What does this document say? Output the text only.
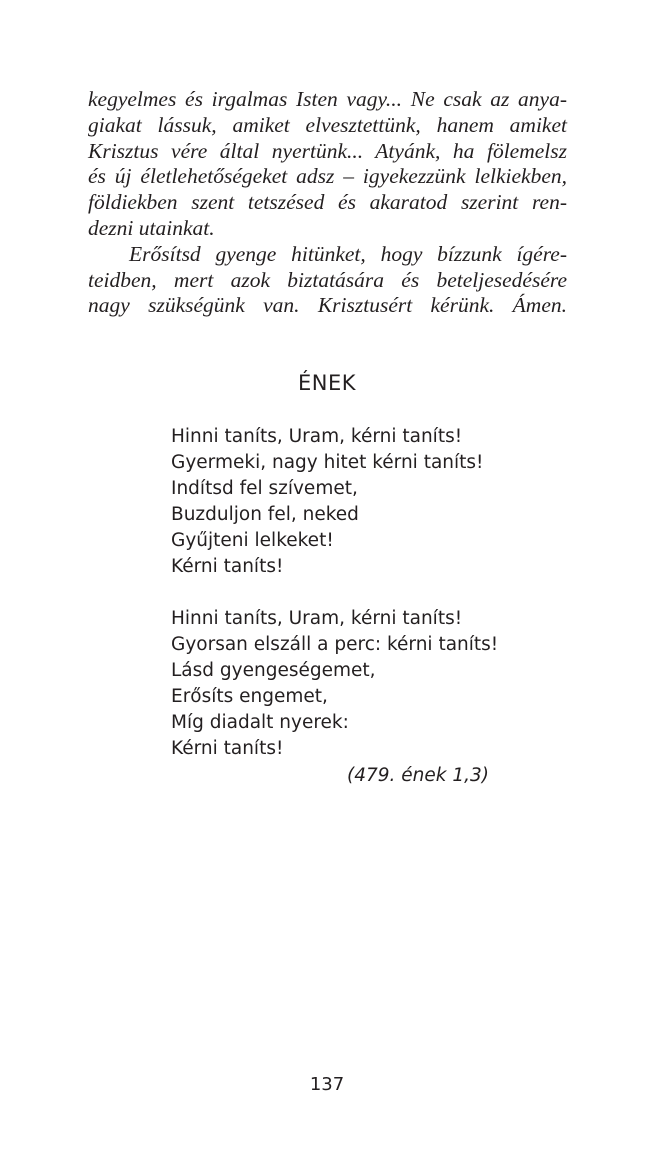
kegyelmes és irgalmas Isten vagy... Ne csak az anya-
giakat lássuk, amiket elvesztettünk, hanem amiket
Krisztus vére által nyertünk... Atyánk, ha fölemelsz
és új életlehetőségeket adsz – igyekezzünk lelkiekben,
földiekben szent tetszésed és akaratod szerint ren-
dezni utainkat.
Erősítsd gyenge hitünket, hogy bízzunk ígére-
teidben, mert azok biztatására és beteljesedésére
nagy szükségünk van. Krisztusért kérünk. Ámen.
ÉNEK
Hinni taníts, Uram, kérni taníts!
Gyermeki, nagy hitet kérni taníts!
Indítsd fel szívemet,
Buzduljon fel, neked
Gyűjteni lelkeket!
Kérni taníts!
Hinni taníts, Uram, kérni taníts!
Gyorsan elszáll a perc: kérni taníts!
Lásd gyengeségemet,
Erősíts engemet,
Míg diadalt nyerek:
Kérni taníts!
(479. ének 1,3)
137
